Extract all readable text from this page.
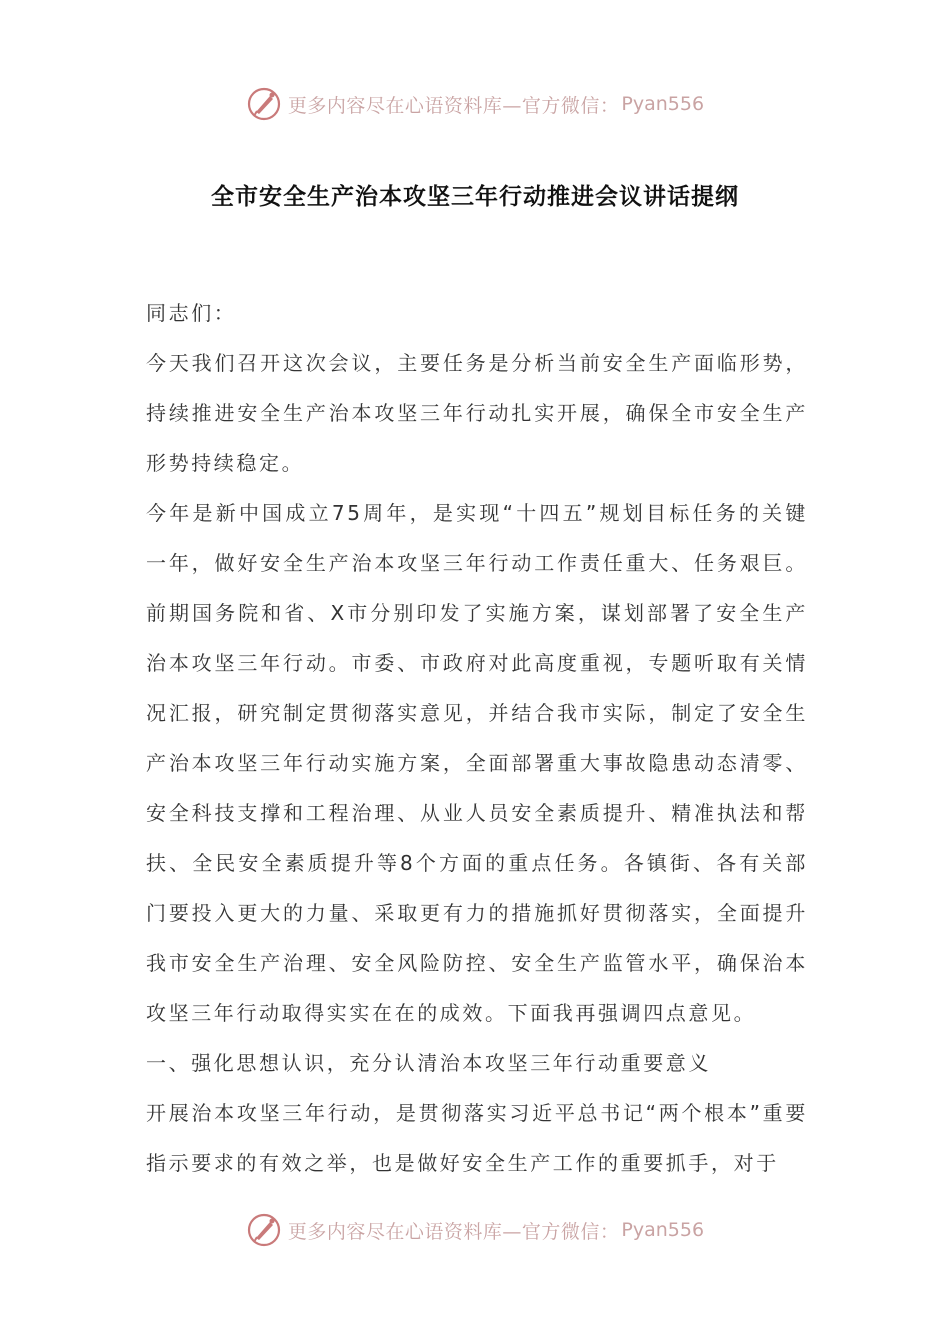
更多内容尽在心语资料库—官方微信： Pyan556
全市安全生产治本攻坚三年行动推进会议讲话提纲

同志们：

今天我们召开这次会议，主要任务是分析当前安全生产面临形势，持续推进安全生产治本攻坚三年行动扎实开展，确保全市安全生产形势持续稳定。

今年是新中国成立75周年，是实现“十四五”规划目标任务的关键一年，做好安全生产治本攻坚三年行动工作责任重大、任务艰巨。前期国务院和省、X市分别印发了实施方案，谋划部署了安全生产治本攻坚三年行动。市委、市政府对此高度重视，专题听取有关情况汇报，研究制定贯彻落实意见，并结合我市实际，制定了安全生产治本攻坚三年行动实施方案，全面部署重大事故隐患动态清零、安全科技支撑和工程治理、从业人员安全素质提升、精准执法和帮扶、全民安全素质提升等8个方面的重点任务。各镇街、各有关部门要投入更大的力量、采取更有力的措施抓好贯彻落实，全面提升我市安全生产治理、安全风险防控、安全生产监管水平，确保治本攻坚三年行动取得实实在在的成效。下面我再强调四点意见。

一、强化思想认识，充分认清治本攻坚三年行动重要意义

开展治本攻坚三年行动，是贯彻落实习近平总书记“两个根本”重要指示要求的有效之举，也是做好安全生产工作的重要抓手，对于

更多内容尽在心语资料库—官方微信： Pyan556
